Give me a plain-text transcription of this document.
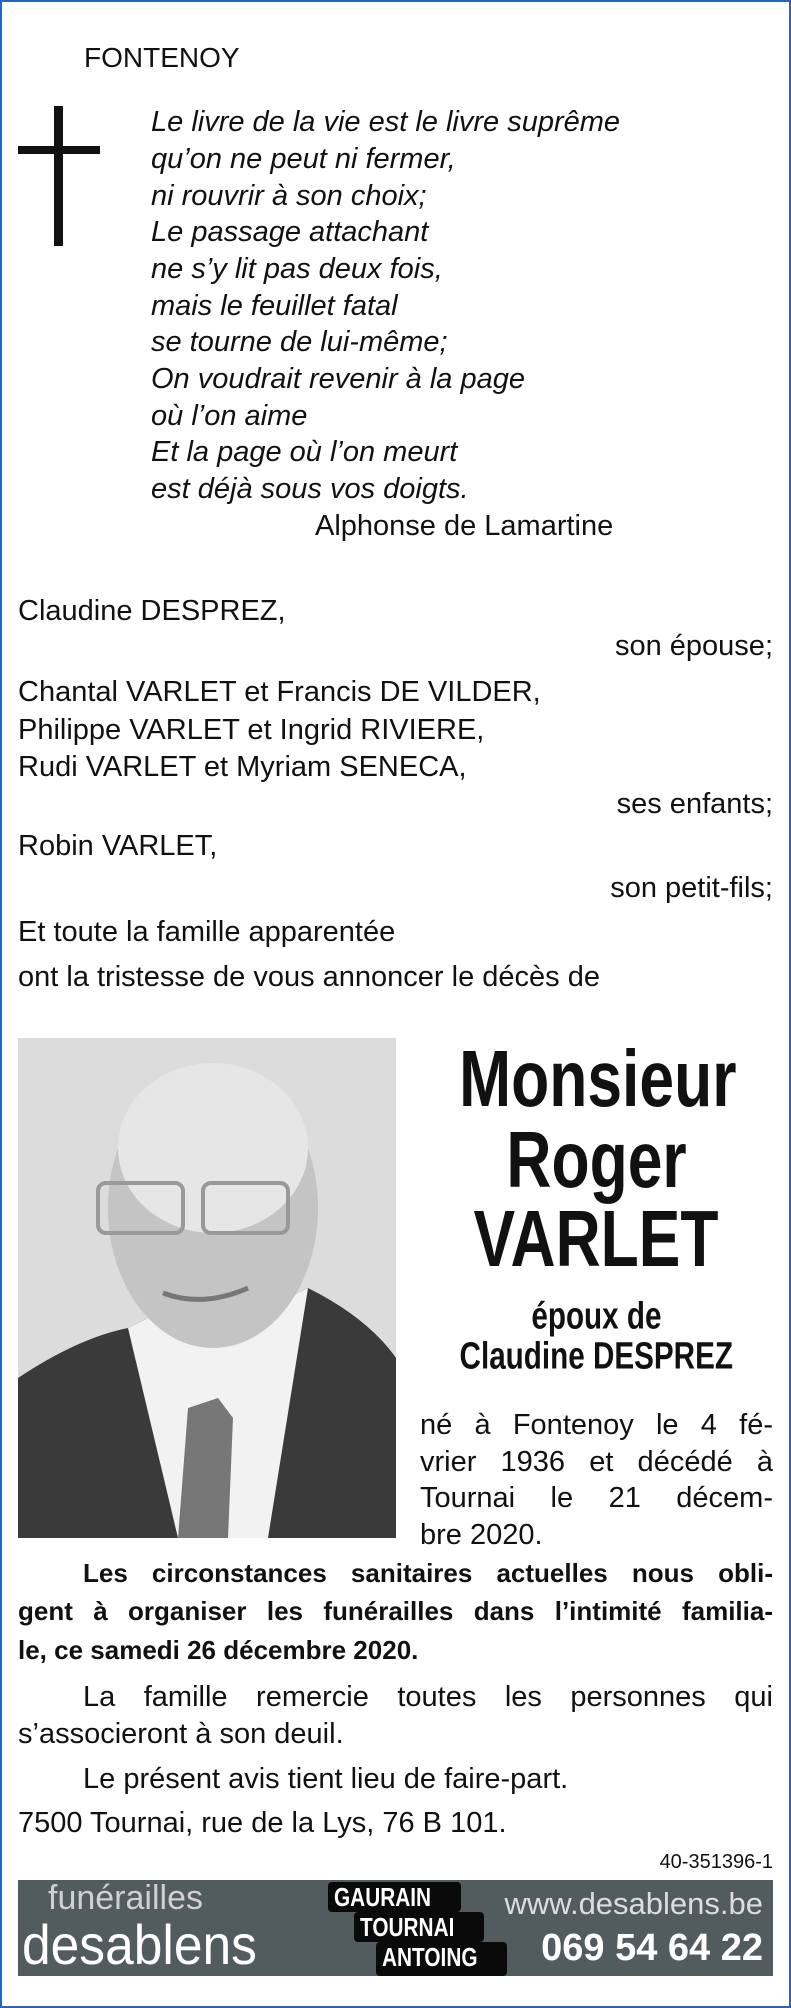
FONTENOY
Le livre de la vie est le livre suprême
qu’on ne peut ni fermer,
ni rouvrir à son choix;
Le passage attachant
ne s’y lit pas deux fois,
mais le feuillet fatal
se tourne de lui-même;
On voudrait revenir à la page
où l’on aime
Et la page où l’on meurt
est déjà sous vos doigts.
Alphonse de Lamartine
Claudine DESPREZ,
son épouse;
Chantal VARLET et Francis DE VILDER,
Philippe VARLET et Ingrid RIVIERE,
Rudi VARLET et Myriam SENECA,
ses enfants;
Robin VARLET,
son petit-fils;
Et toute la famille apparentée
ont la tristesse de vous annoncer le décès de
Monsieur
Roger
VARLET
époux de
Claudine DESPREZ
né à Fontenoy le 4 fé-
vrier 1936 et décédé à
Tournai le 21 décem-
bre 2020.
Les circonstances sanitaires actuelles nous obli-
gent à organiser les funérailles dans l’intimité familia-
le, ce samedi 26 décembre 2020.
La famille remercie toutes les personnes qui
s’associeront à son deuil.
Le présent avis tient lieu de faire-part.
7500 Tournai, rue de la Lys, 76 B 101.
40-351396-1
funérailles
desablens
GAURAIN
TOURNAI
ANTOING
www.desablens.be
069 54 64 22
